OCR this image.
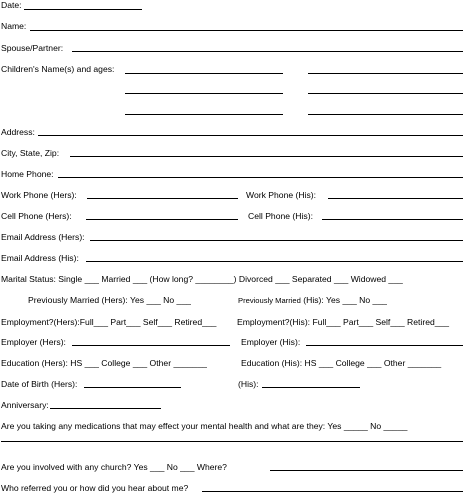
Date:
Name:
Spouse/Partner:
Children's Name(s) and ages:
Address:
City, State, Zip:
Home Phone:
Work Phone (Hers):	Work Phone (His):
Cell Phone (Hers):	Cell Phone (His):
Email Address (Hers):
Email Address (His):
Marital Status: Single ___ Married ___ (How long? ________) Divorced ___ Separated ___ Widowed ___
Previously Married (Hers): Yes ___ No ___	Previously Married (His): Yes ___ No ___
Employment?(Hers):Full___ Part___ Self___ Retired___ Employment?(His): Full___ Part___ Self___ Retired___
Employer (Hers):	Employer (His):
Education (Hers): HS ___ College ___ Other _______	Education (His): HS ___ College ___ Other _______
Date of Birth (Hers):	(His):
Anniversary:
Are you taking any medications that may effect your mental health and what are they: Yes _____ No _____
Are you involved with any church? Yes ___ No ___ Where?
Who referred you or how did you hear about me?
